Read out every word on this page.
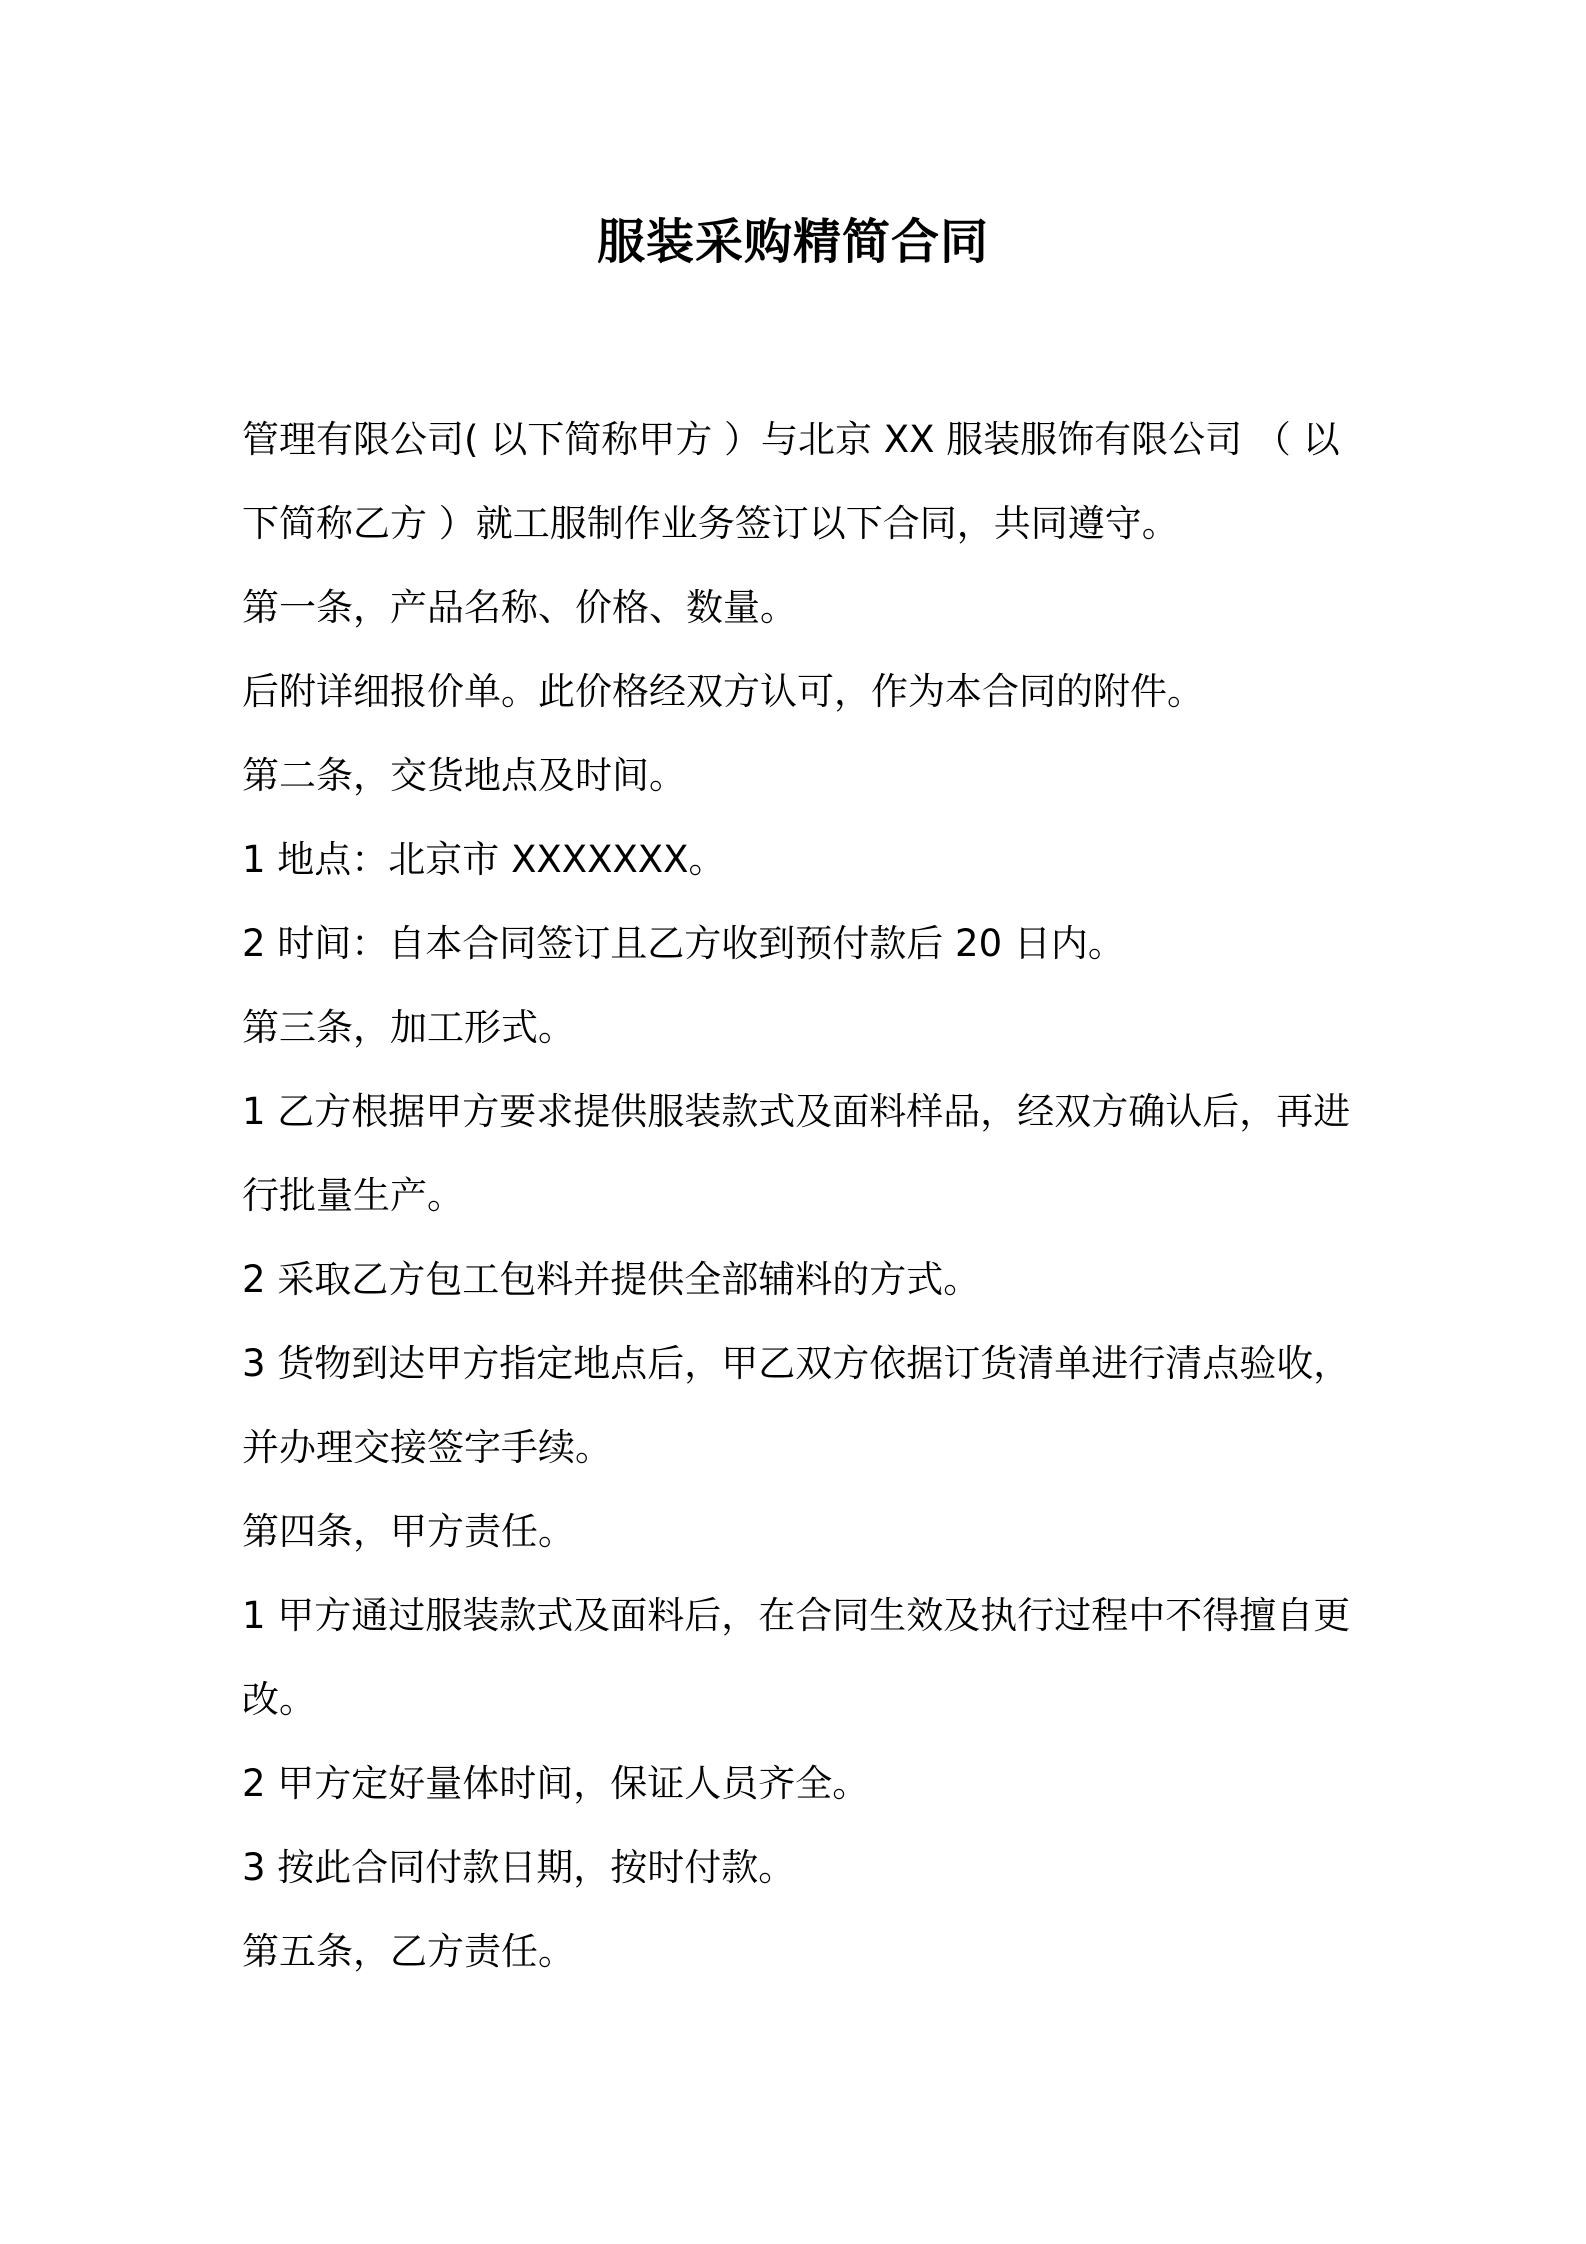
服装采购精简合同
管理有限公司( 以下简称甲方 ）与北京 XX 服装服饰有限公司 （ 以
下简称乙方 ）就工服制作业务签订以下合同，共同遵守。
第一条，产品名称、价格、数量。
后附详细报价单。此价格经双方认可，作为本合同的附件。
第二条，交货地点及时间。
1 地点：北京市 XXXXXXX。
2 时间：自本合同签订且乙方收到预付款后 20 日内。
第三条，加工形式。
1 乙方根据甲方要求提供服装款式及面料样品，经双方确认后，再进
行批量生产。
2 采取乙方包工包料并提供全部辅料的方式。
3 货物到达甲方指定地点后，甲乙双方依据订货清单进行清点验收，
并办理交接签字手续。
第四条，甲方责任。
1 甲方通过服装款式及面料后，在合同生效及执行过程中不得擅自更
改。
2 甲方定好量体时间，保证人员齐全。
3 按此合同付款日期，按时付款。
第五条，乙方责任。
